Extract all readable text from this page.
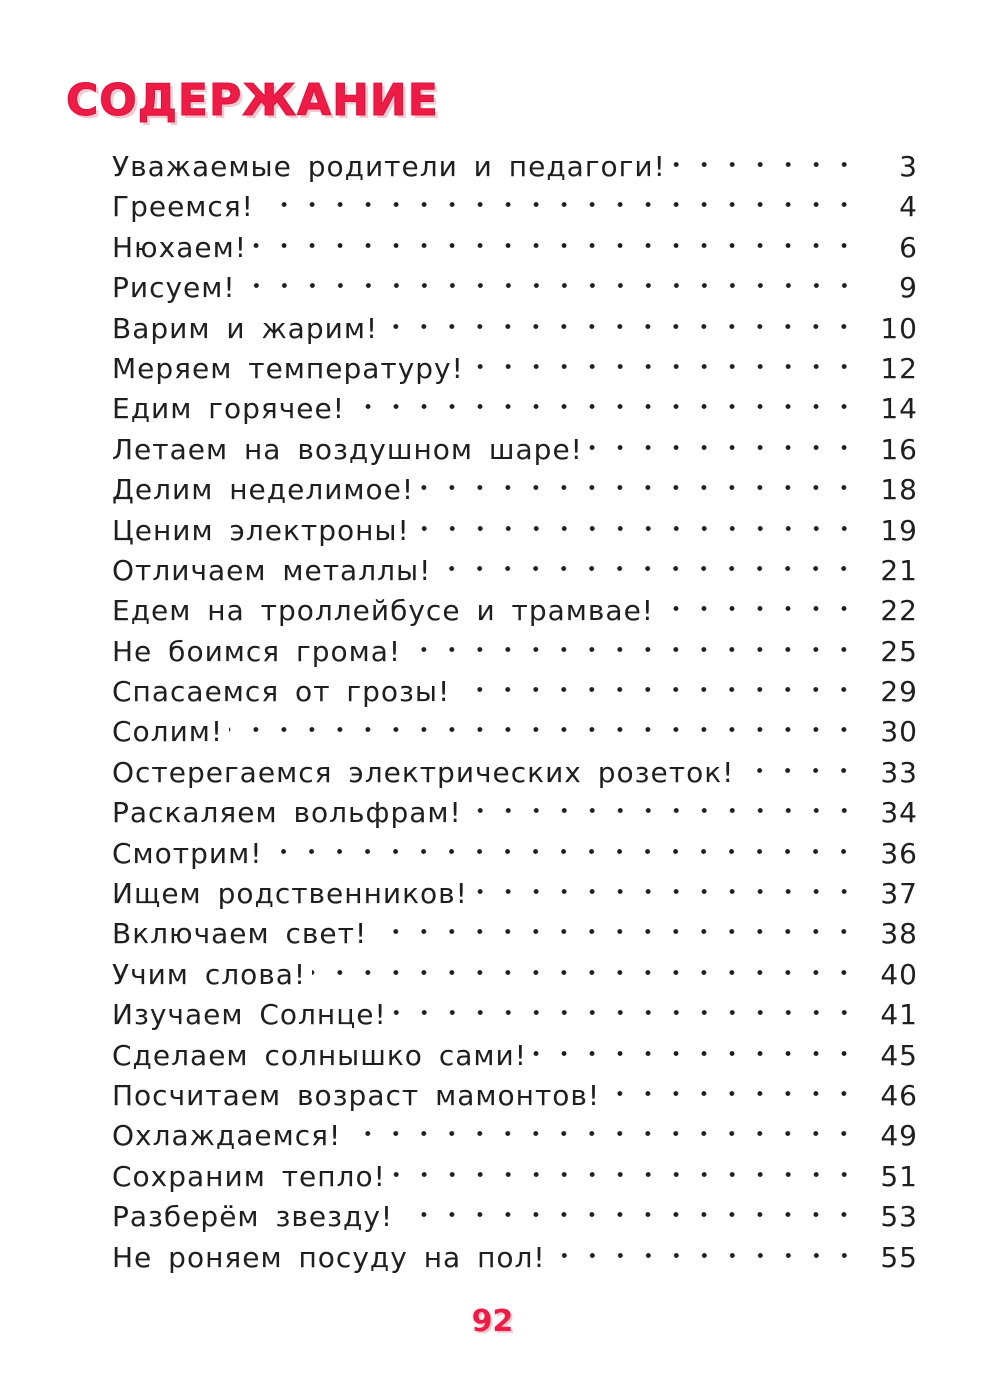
СОДЕРЖАНИЕ
Уважаемые родители и педагоги!	3
Греемся!	4
Нюхаем!	6
Рисуем!	9
Варим и жарим!	10
Меряем температуру!	12
Едим горячее!	14
Летаем на воздушном шаре!	16
Делим неделимое!	18
Ценим электроны!	19
Отличаем металлы!	21
Едем на троллейбусе и трамвае!	22
Не боимся грома!	25
Спасаемся от грозы!	29
Солим!	30
Остерегаемся электрических розеток!	33
Раскаляем вольфрам!	34
Смотрим!	36
Ищем родственников!	37
Включаем свет!	38
Учим слова!	40
Изучаем Солнце!	41
Сделаем солнышко сами!	45
Посчитаем возраст мамонтов!	46
Охлаждаемся!	49
Сохраним тепло!	51
Разберём звезду!	53
Не роняем посуду на пол!	55
92
